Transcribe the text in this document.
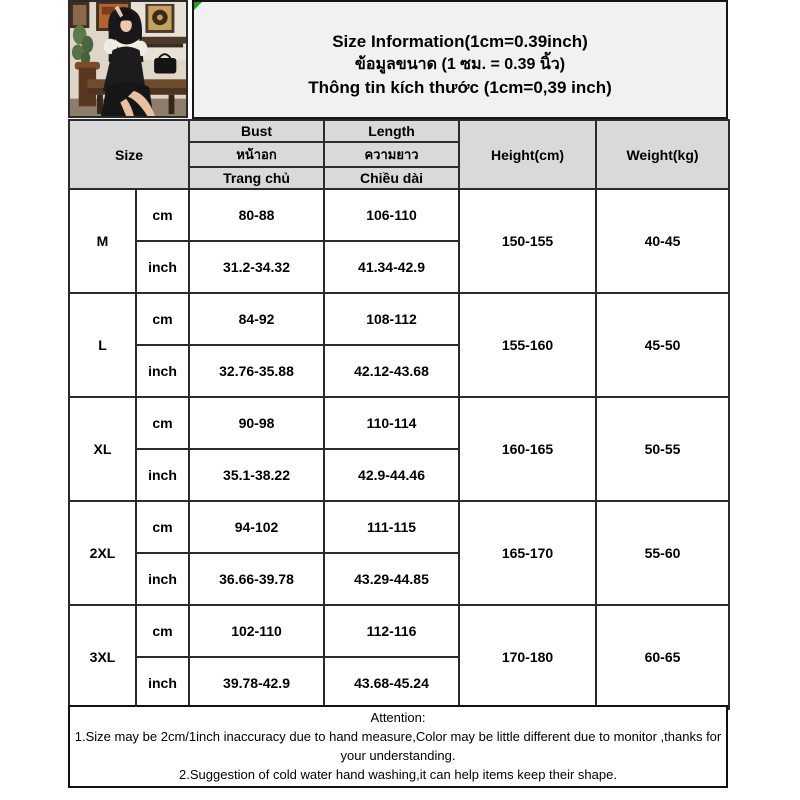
Size Information(1cm=0.39inch)
ข้อมูลขนาด (1 ซม. = 0.39 นิ้ว)
Thông tin kích thước (1cm=0,39 inch)
Size		Bust	Length	Height(cm)	Weight(kg)
		หน้าอก	ความยาว		
		Trang chủ	Chiều dài		
M	cm	80-88	106-110	150-155	40-45
	inch	31.2-34.32	41.34-42.9		
L	cm	84-92	108-112	155-160	45-50
	inch	32.76-35.88	42.12-43.68		
XL	cm	90-98	110-114	160-165	50-55
	inch	35.1-38.22	42.9-44.46		
2XL	cm	94-102	111-115	165-170	55-60
	inch	36.66-39.78	43.29-44.85		
3XL	cm	102-110	112-116	170-180	60-65
	inch	39.78-42.9	43.68-45.24		
Attention:
1.Size may be 2cm/1inch inaccuracy due to hand measure,Color may be little different due to monitor ,thanks for your understanding.
2.Suggestion of cold water hand washing,it can help items keep their shape.
